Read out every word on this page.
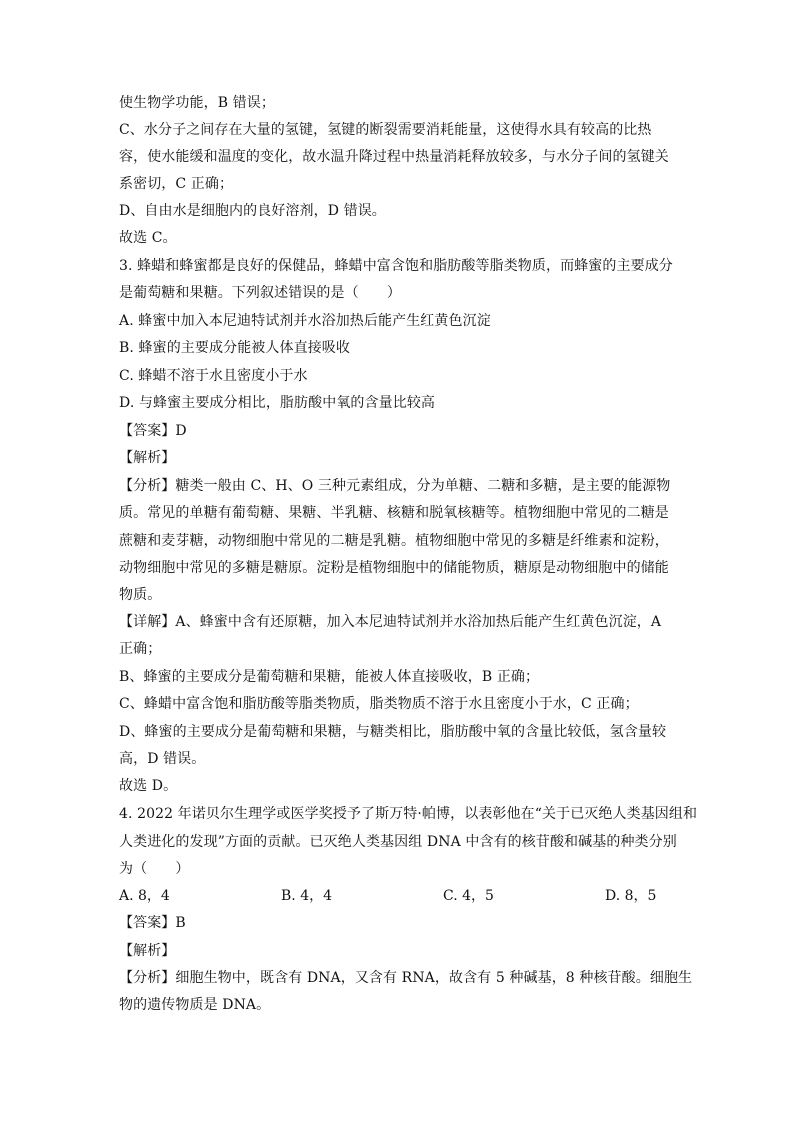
使生物学功能，B 错误；
C、水分子之间存在大量的氢键，氢键的断裂需要消耗能量，这使得水具有较高的比热
容，使水能缓和温度的变化，故水温升降过程中热量消耗释放较多，与水分子间的氢键关
系密切，C 正确；
D、自由水是细胞内的良好溶剂，D 错误。
故选 C。
3. 蜂蜡和蜂蜜都是良好的保健品，蜂蜡中富含饱和脂肪酸等脂类物质，而蜂蜜的主要成分
是葡萄糖和果糖。下列叙述错误的是（　　）
A. 蜂蜜中加入本尼迪特试剂并水浴加热后能产生红黄色沉淀
B. 蜂蜜的主要成分能被人体直接吸收
C. 蜂蜡不溶于水且密度小于水
D. 与蜂蜜主要成分相比，脂肪酸中氧的含量比较高
【答案】D
【解析】
【分析】糖类一般由 C、H、O 三种元素组成，分为单糖、二糖和多糖，是主要的能源物
质。常见的单糖有葡萄糖、果糖、半乳糖、核糖和脱氧核糖等。植物细胞中常见的二糖是
蔗糖和麦芽糖，动物细胞中常见的二糖是乳糖。植物细胞中常见的多糖是纤维素和淀粉，
动物细胞中常见的多糖是糖原。淀粉是植物细胞中的储能物质，糖原是动物细胞中的储能
物质。
【详解】A、蜂蜜中含有还原糖，加入本尼迪特试剂并水浴加热后能产生红黄色沉淀，A
正确；
B、蜂蜜的主要成分是葡萄糖和果糖，能被人体直接吸收，B 正确；
C、蜂蜡中富含饱和脂肪酸等脂类物质，脂类物质不溶于水且密度小于水，C 正确；
D、蜂蜜的主要成分是葡萄糖和果糖，与糖类相比，脂肪酸中氧的含量比较低，氢含量较
高，D 错误。
故选 D。
4. 2022 年诺贝尔生理学或医学奖授予了斯万特·帕博，以表彰他在“关于已灭绝人类基因组和
人类进化的发现”方面的贡献。已灭绝人类基因组 DNA 中含有的核苷酸和碱基的种类分别
为（　　）
A. 8，4	B. 4，4	C. 4，5	D. 8，5
【答案】B
【解析】
【分析】细胞生物中，既含有 DNA，又含有 RNA，故含有 5 种碱基，8 种核苷酸。细胞生
物的遗传物质是 DNA。
